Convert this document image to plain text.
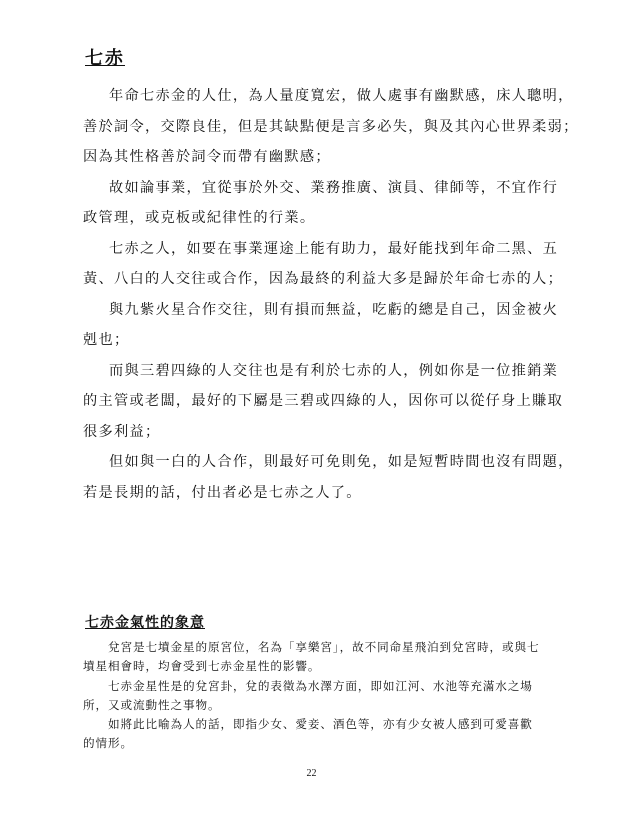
七赤

年命七赤金的人仕，為人量度寬宏，做人處事有幽默感，床人聰明，

善於詞令，交際良佳，但是其缺點便是言多必失，與及其內心世界柔弱；

因為其性格善於詞令而帶有幽默感；

故如論事業，宜從事於外交、業務推廣、演員、律師等，不宜作行

政管理，或克板或紀律性的行業。

七赤之人，如要在事業運途上能有助力，最好能找到年命二黑、五

黃、八白的人交往或合作，因為最終的利益大多是歸於年命七赤的人；

與九紫火星合作交往，則有損而無益，吃虧的總是自己，因金被火

剋也；

而與三碧四綠的人交往也是有利於七赤的人，例如你是一位推銷業

的主管或老闆，最好的下屬是三碧或四綠的人，因你可以從仔身上賺取

很多利益；

但如與一白的人合作，則最好可免則免，如是短暫時間也沒有問題，

若是長期的話，付出者必是七赤之人了。

七赤金氣性的象意

兌宮是七墳金星的原宮位，名為「享樂宮」，故不同命星飛泊到兌宮時，或與七

墳星相會時，均會受到七赤金星性的影響。

七赤金星性是的兌宮卦，兌的表徵為水澤方面，即如江河、水池等充滿水之場

所，又或流動性之事物。

如將此比喻為人的話，即指少女、愛妾、酒色等，亦有少女被人感到可愛喜歡

的情形。

22
